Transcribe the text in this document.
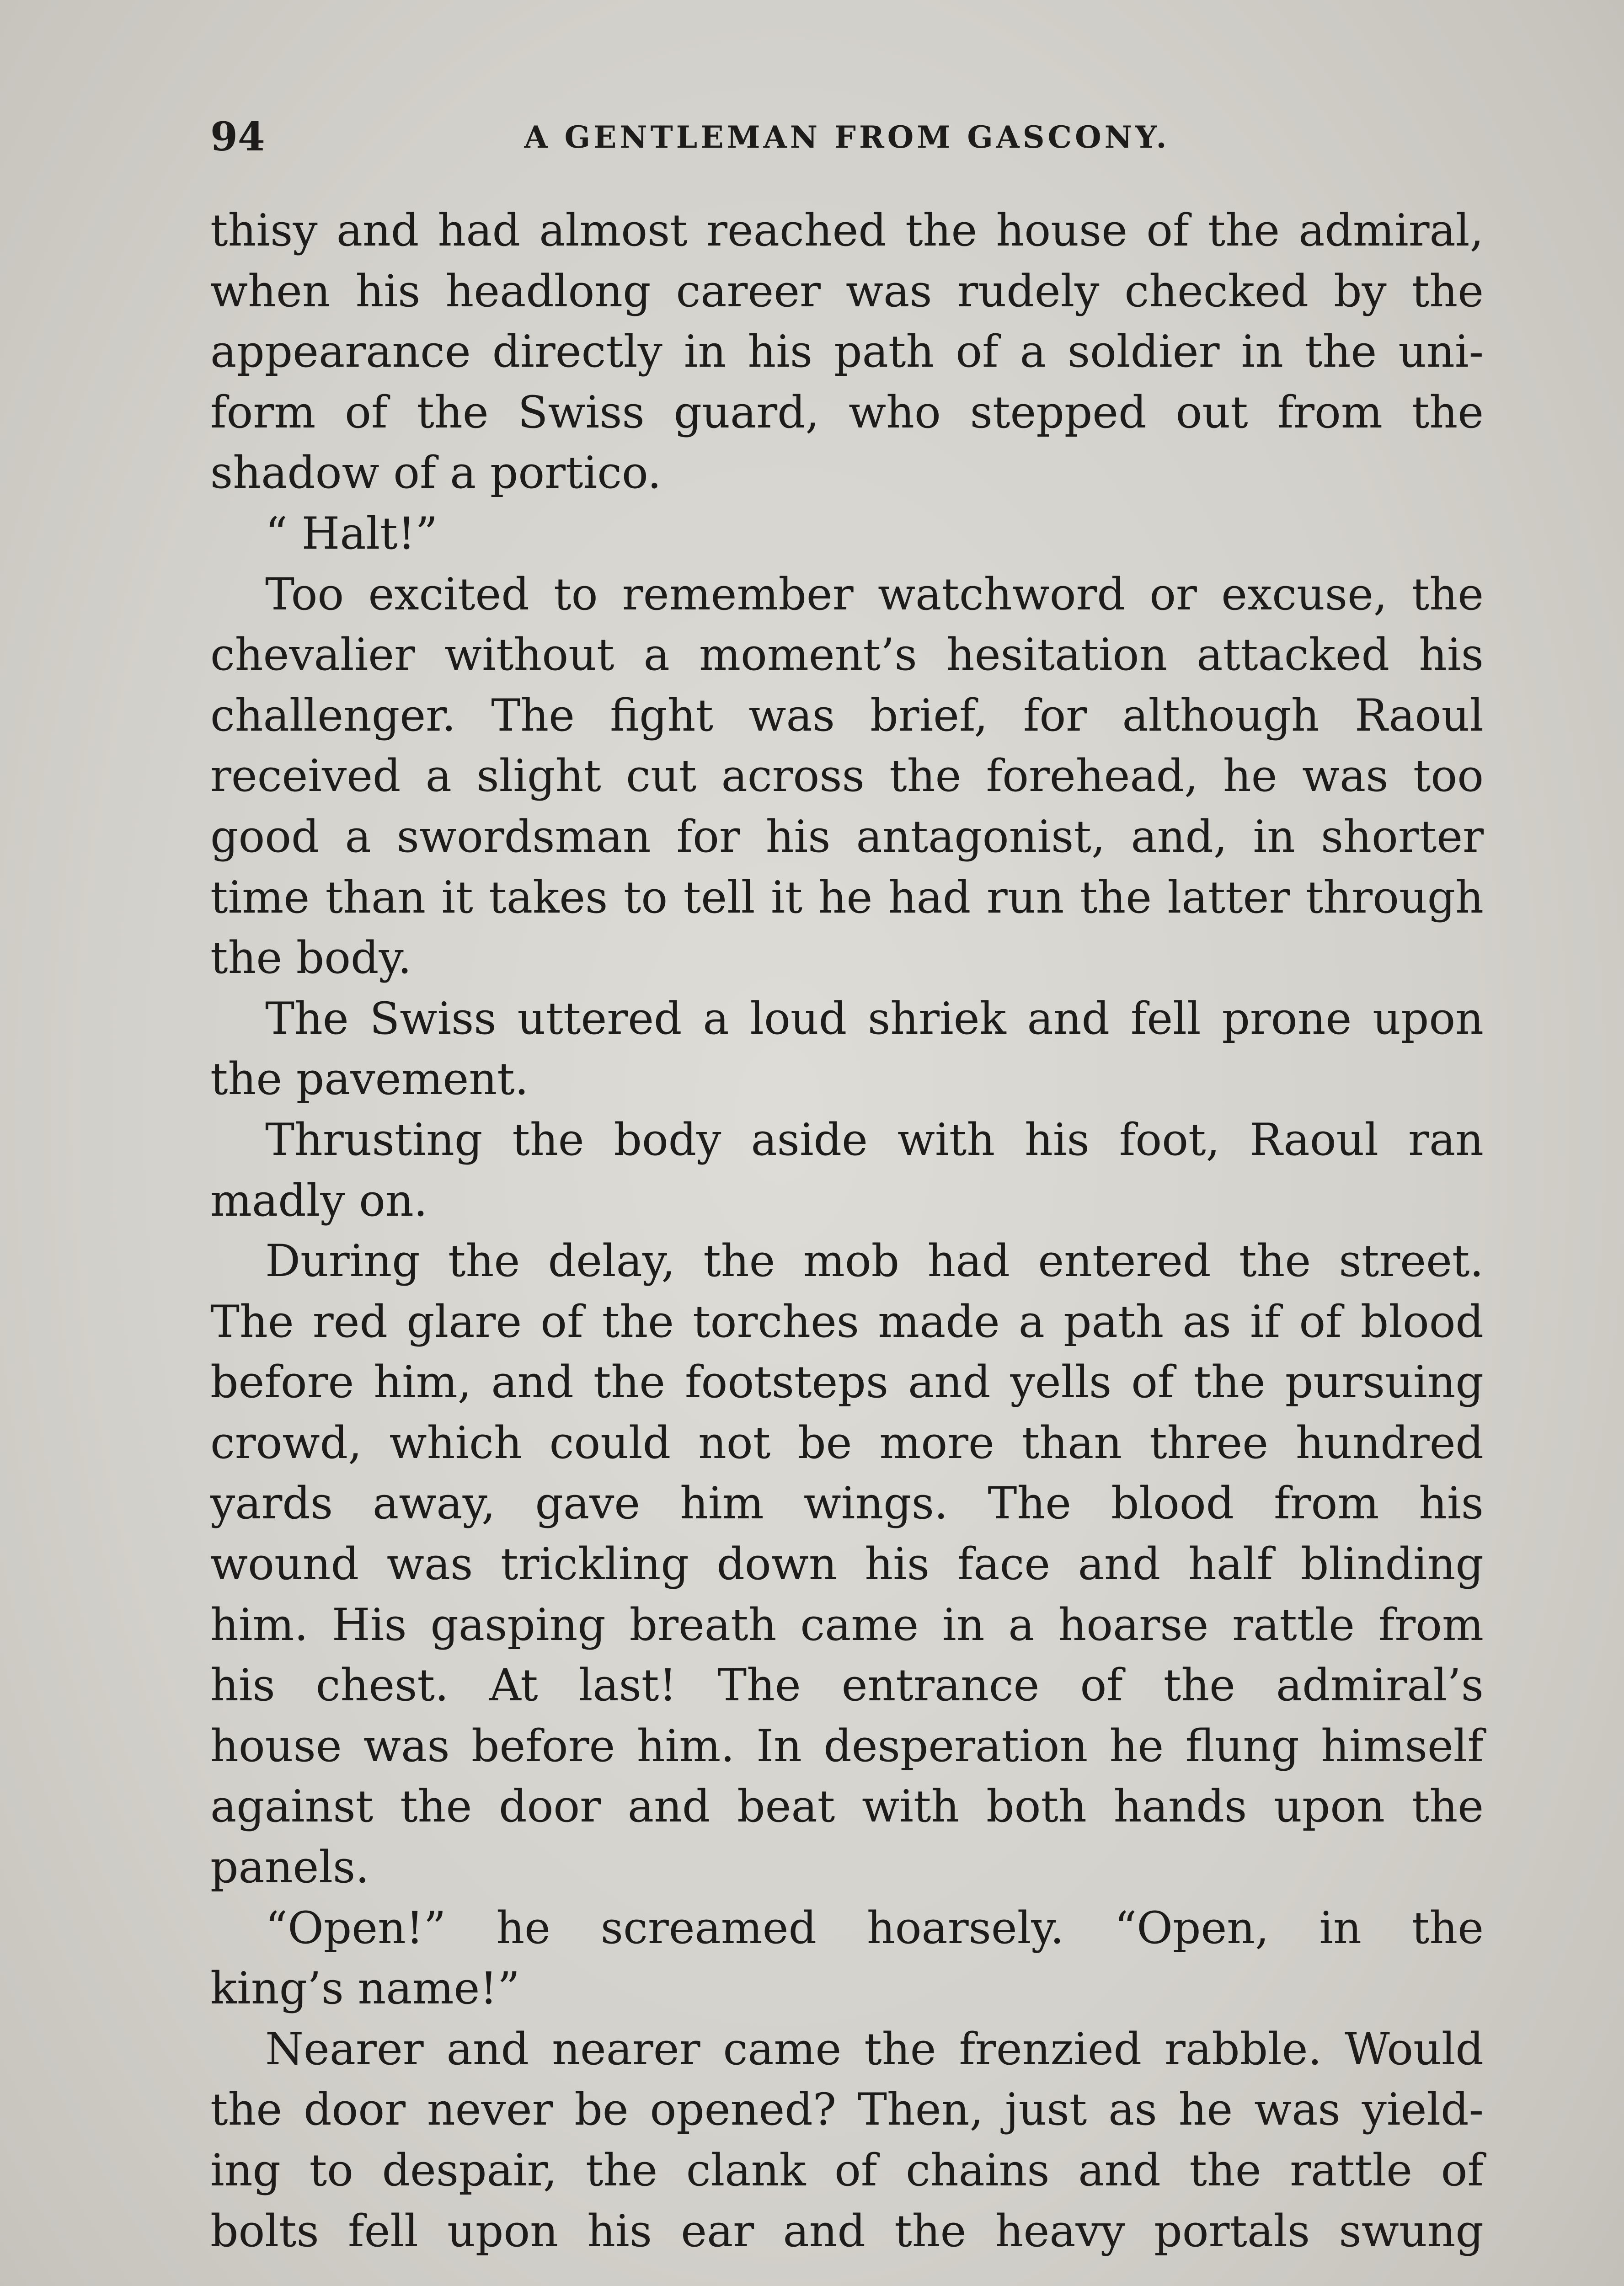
94	A GENTLEMAN FROM GASCONY.
thisy and had almost reached the house of the admiral,
when his headlong career was rudely checked by the
appearance directly in his path of a soldier in the uni-
form of the Swiss guard, who stepped out from the
shadow of a portico.
“ Halt!”
Too excited to remember watchword or excuse, the
chevalier without a moment’s hesitation attacked his
challenger. The fight was brief, for although Raoul
received a slight cut across the forehead, he was too
good a swordsman for his antagonist, and, in shorter
time than it takes to tell it he had run the latter through
the body.
The Swiss uttered a loud shriek and fell prone upon
the pavement.
Thrusting the body aside with his foot, Raoul ran
madly on.
During the delay, the mob had entered the street.
The red glare of the torches made a path as if of blood
before him, and the footsteps and yells of the pursuing
crowd, which could not be more than three hundred
yards away, gave him wings. The blood from his
wound was trickling down his face and half blinding
him. His gasping breath came in a hoarse rattle from
his chest. At last! The entrance of the admiral’s
house was before him. In desperation he flung himself
against the door and beat with both hands upon the
panels.
“Open!” he screamed hoarsely. “Open, in the
king’s name!”
Nearer and nearer came the frenzied rabble. Would
the door never be opened? Then, just as he was yield-
ing to despair, the clank of chains and the rattle of
bolts fell upon his ear and the heavy portals swung
